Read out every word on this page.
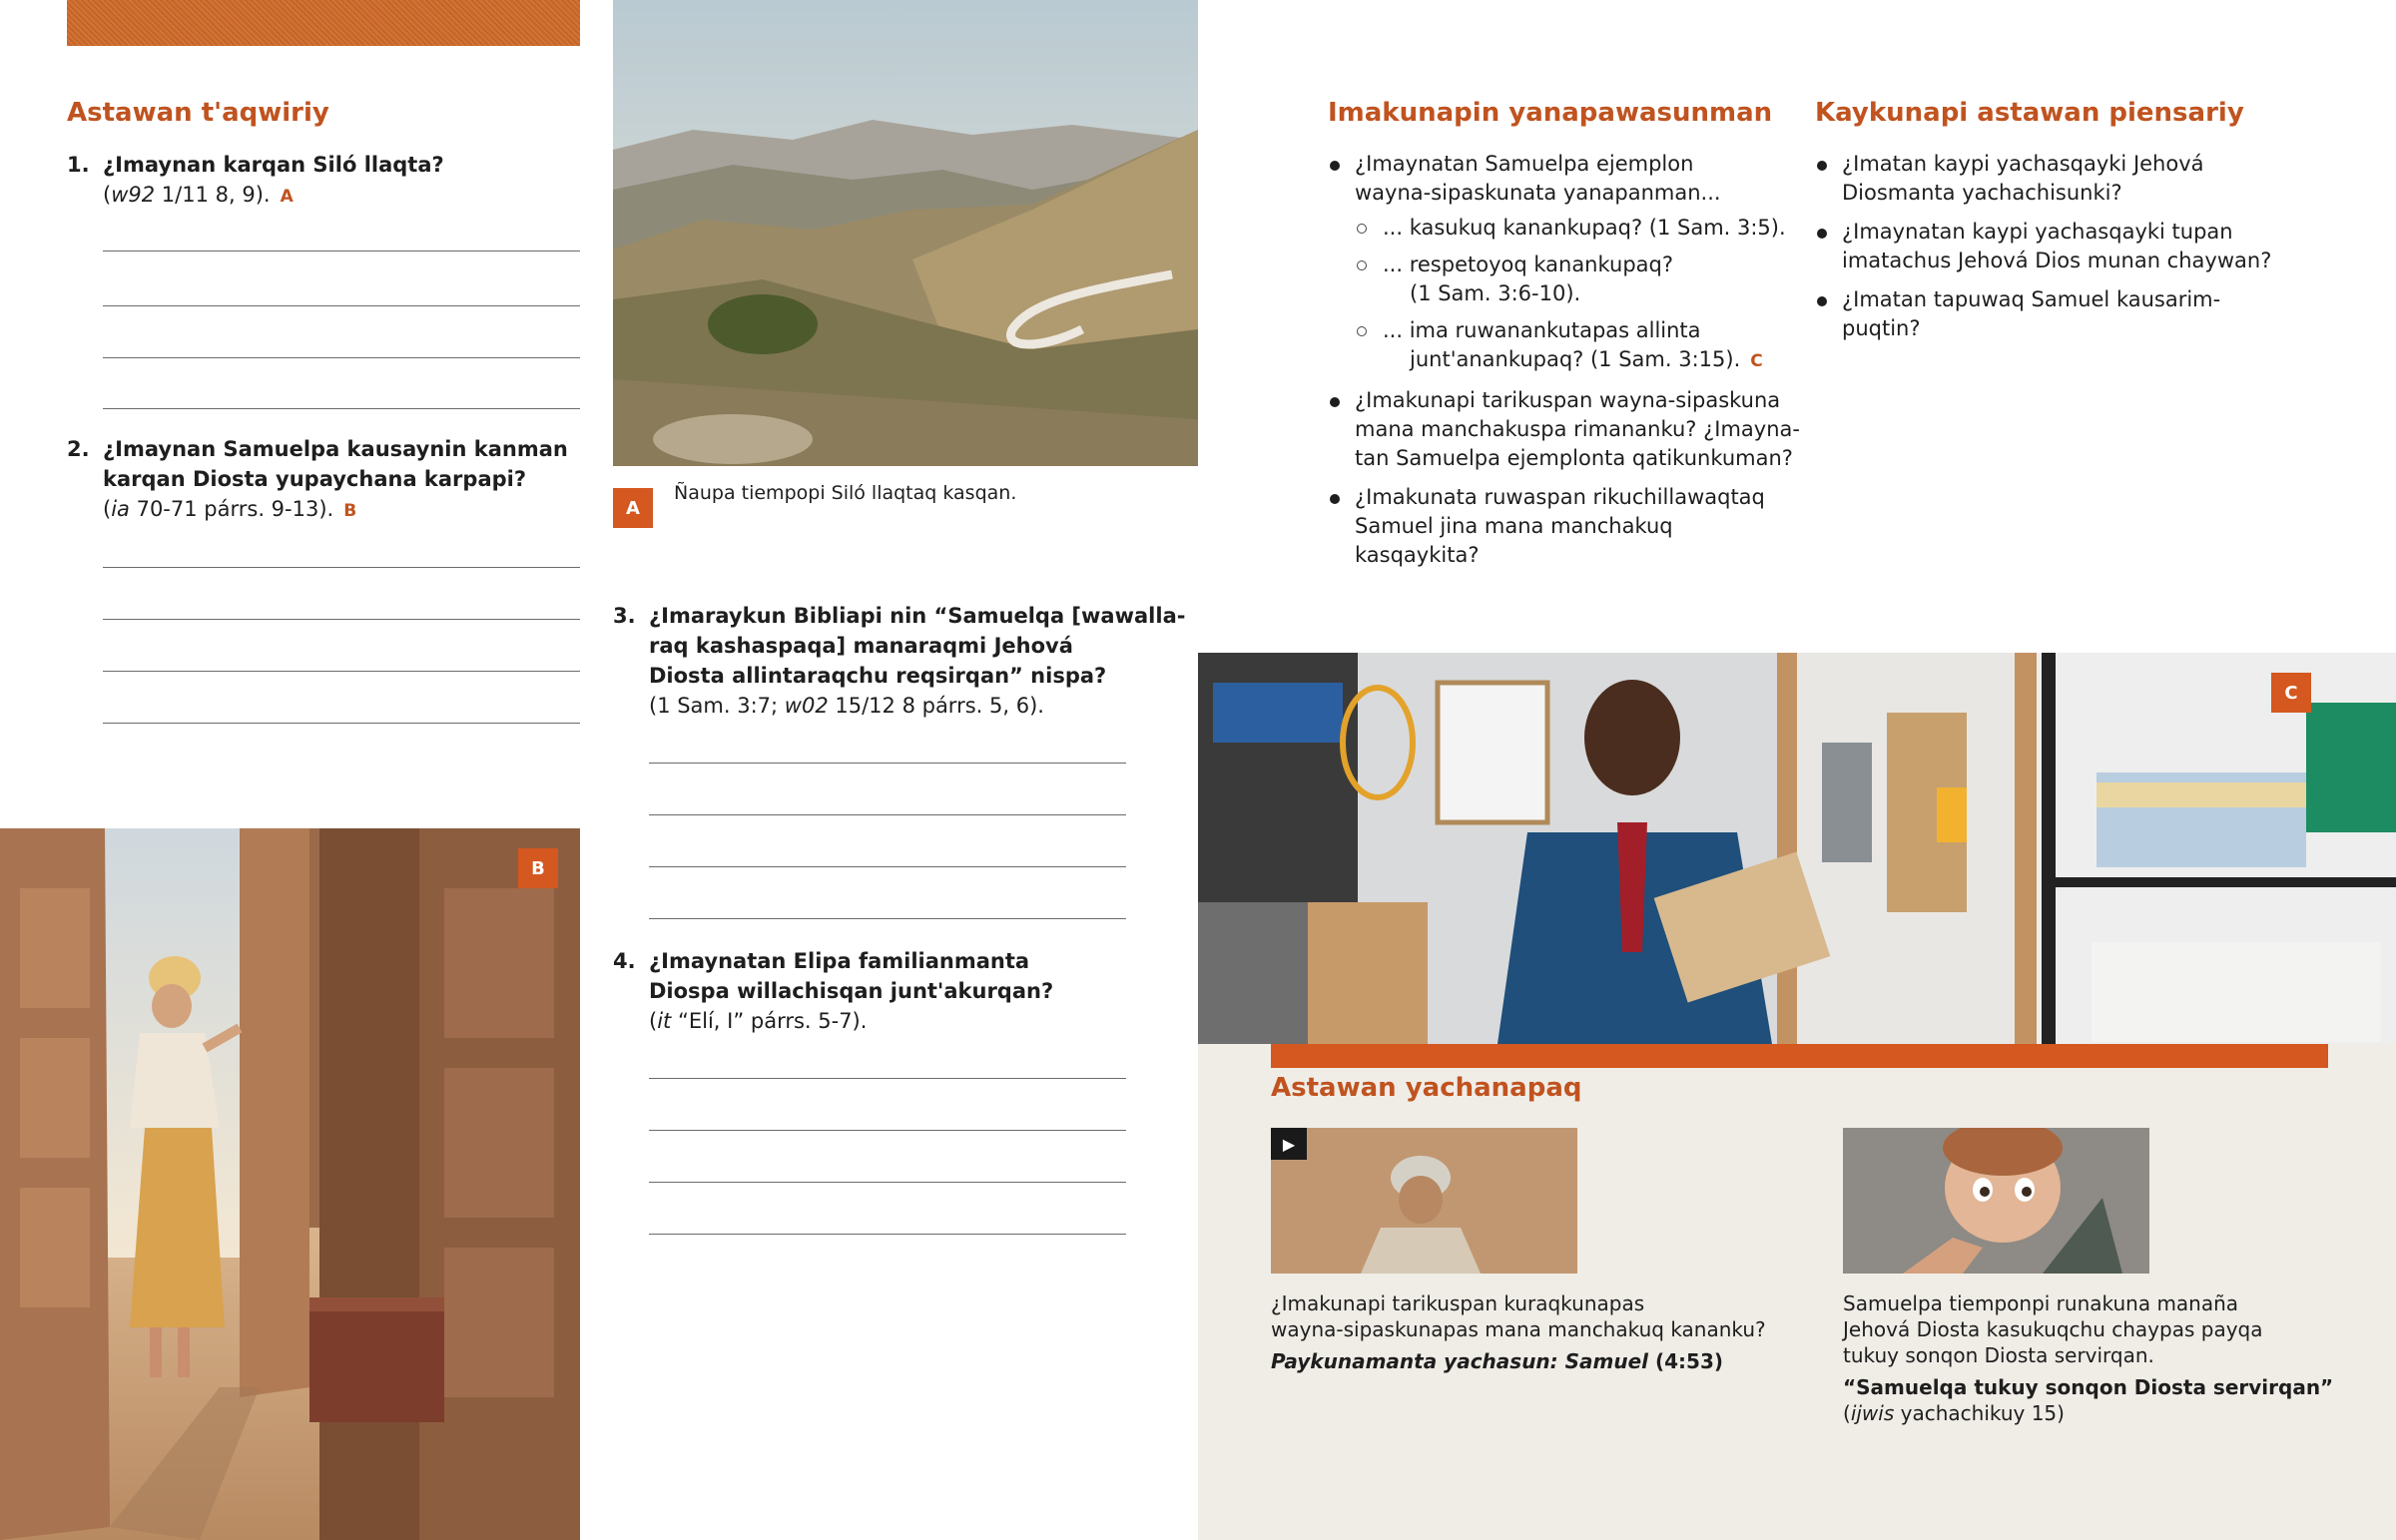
Astawan t'aqwiriy
1. ¿Imaynan karqan Siló llaqta?
(w92 1/11 8, 9). A
2. ¿Imaynan Samuelpa kausaynin kanman
karqan Diosta yupaychana karpapi?
(ia 70-71 párrs. 9-13). B
B
A
Ñaupa tiempopi Siló llaqtaq kasqan.
3. ¿Imaraykun Bibliapi nin “Samuelqa [wawalla-
raq kashaspaqa] manaraqmi Jehová
Diosta allintaraqchu reqsirqan” nispa?
(1 Sam. 3:7; w02 15/12 8 párrs. 5, 6).
4. ¿Imaynatan Elipa familianmanta
Diospa willachisqan junt'akurqan?
(it “Elí, I” párrs. 5-7).
Imakunapin yanapawasunman
¿Imaynatan Samuelpa ejemplon
wayna-sipaskunata yanapanman...
... kasukuq kanankupaq? (1 Sam. 3:5).
... respetoyoq kanankupaq?
(1 Sam. 3:6-10).
... ima ruwanankutapas allinta
junt'anankupaq? (1 Sam. 3:15). C
¿Imakunapi tarikuspan wayna-sipaskuna
mana manchakuspa rimananku? ¿Imayna-
tan Samuelpa ejemplonta qatikunkuman?
¿Imakunata ruwaspan rikuchillawaqtaq
Samuel jina mana manchakuq
kasqaykita?
Kaykunapi astawan piensariy
¿Imatan kaypi yachasqayki Jehová
Diosmanta yachachisunki?
¿Imaynatan kaypi yachasqayki tupan
imatachus Jehová Dios munan chaywan?
¿Imatan tapuwaq Samuel kausarim-
puqtin?
C
Astawan yachanapaq
▶
¿Imakunapi tarikuspan kuraqkunapas
wayna-sipaskunapas mana manchakuq kananku?
Paykunamanta yachasun: Samuel (4:53)
Samuelpa tiemponpi runakuna manaña
Jehová Diosta kasukuqchu chaypas payqa
tukuy sonqon Diosta servirqan.
“Samuelqa tukuy sonqon Diosta servirqan”
(ijwis yachachikuy 15)
